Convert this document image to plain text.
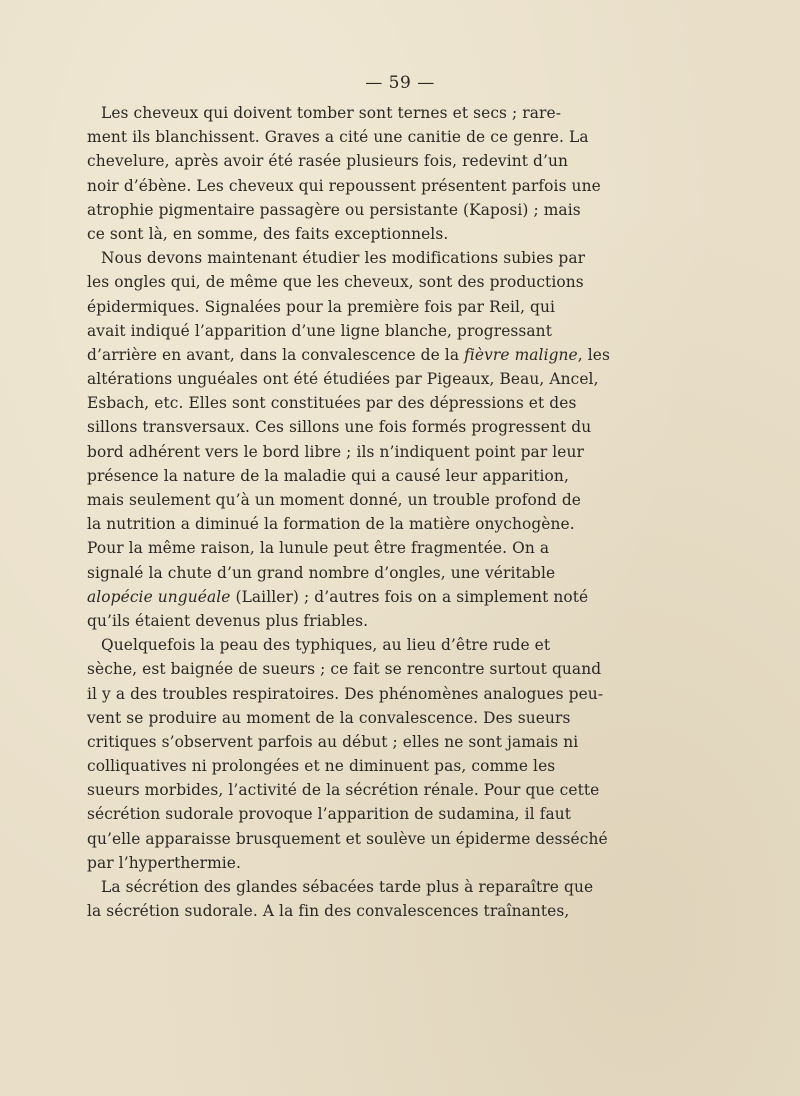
— 59 —
Les cheveux qui doivent tomber sont ternes et secs ; rare-
ment ils blanchissent. Graves a cité une canitie de ce genre. La
chevelure, après avoir été rasée plusieurs fois, redevint d’un
noir d’ébène. Les cheveux qui repoussent présentent parfois une
atrophie pigmentaire passagère ou persistante (Kaposi) ; mais
ce sont là, en somme, des faits exceptionnels.
Nous devons maintenant étudier les modifications subies par
les ongles qui, de même que les cheveux, sont des productions
épidermiques. Signalées pour la première fois par Reil, qui
avait indiqué l’apparition d’une ligne blanche, progressant
d’arrière en avant, dans la convalescence de la fièvre maligne, les
altérations unguéales ont été étudiées par Pigeaux, Beau, Ancel,
Esbach, etc. Elles sont constituées par des dépressions et des
sillons transversaux. Ces sillons une fois formés progressent du
bord adhérent vers le bord libre ; ils n’indiquent point par leur
présence la nature de la maladie qui a causé leur apparition,
mais seulement qu’à un moment donné, un trouble profond de
la nutrition a diminué la formation de la matière onychogène.
Pour la même raison, la lunule peut être fragmentée. On a
signalé la chute d’un grand nombre d’ongles, une véritable
alopécie unguéale (Lailler) ; d’autres fois on a simplement noté
qu’ils étaient devenus plus friables.
Quelquefois la peau des typhiques, au lieu d’être rude et
sèche, est baignée de sueurs ; ce fait se rencontre surtout quand
il y a des troubles respiratoires. Des phénomènes analogues peu-
vent se produire au moment de la convalescence. Des sueurs
critiques s’observent parfois au début ; elles ne sont jamais ni
colliquatives ni prolongées et ne diminuent pas, comme les
sueurs morbides, l’activité de la sécrétion rénale. Pour que cette
sécrétion sudorale provoque l’apparition de sudamina, il faut
qu’elle apparaisse brusquement et soulève un épiderme desséché
par l’hyperthermie.
La sécrétion des glandes sébacées tarde plus à reparaître que
la sécrétion sudorale. A la fin des convalescences traînantes,
